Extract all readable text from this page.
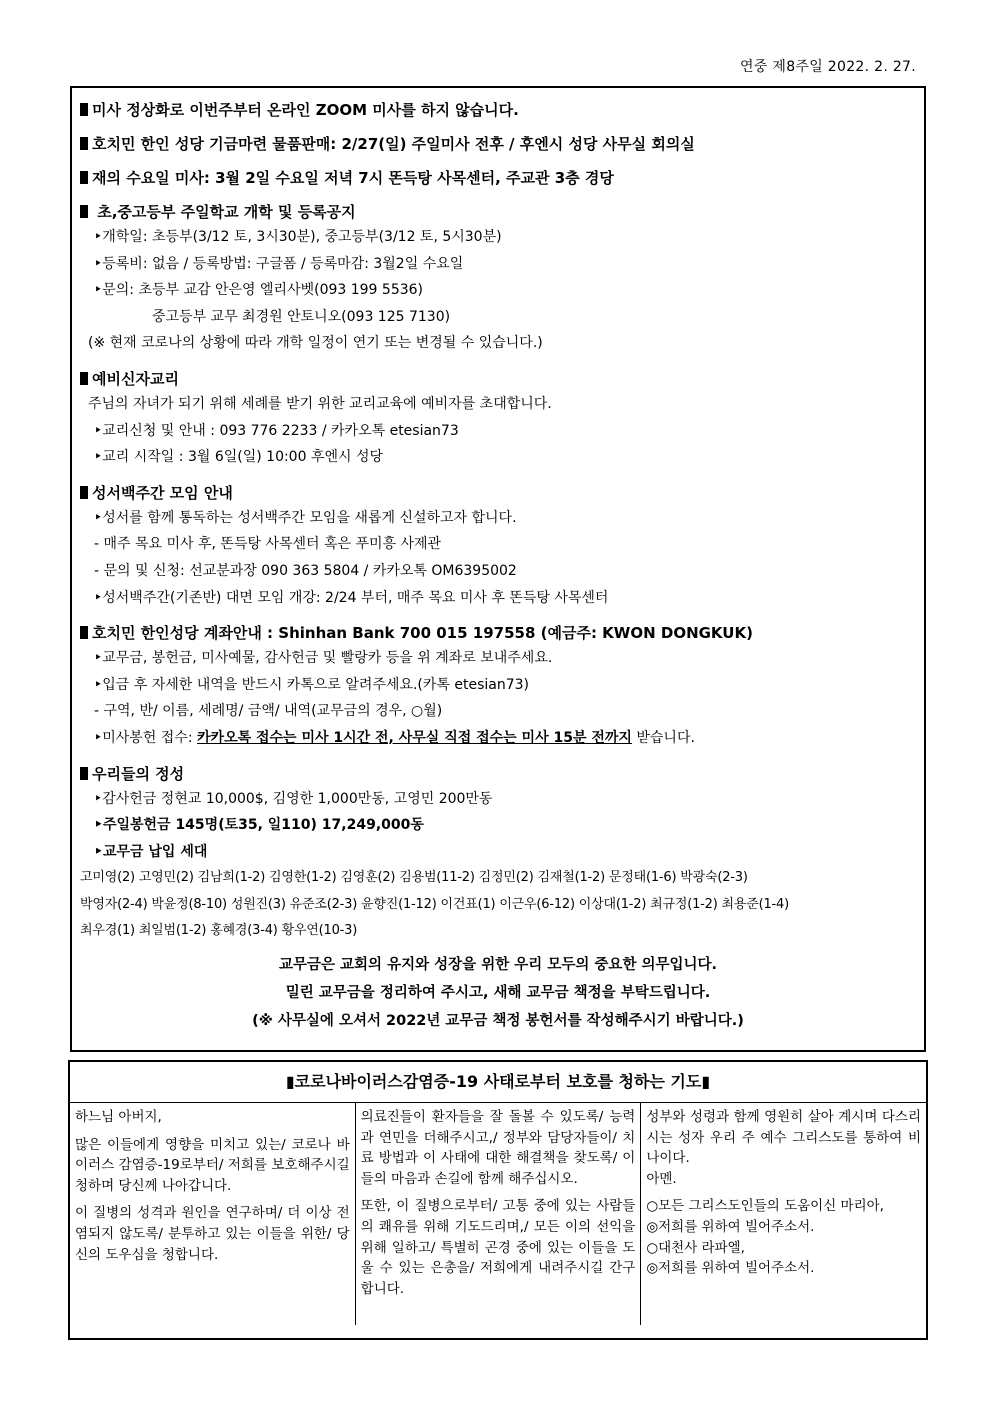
연중 제8주일 2022. 2. 27.
미사 정상화로 이번주부터 온라인 ZOOM 미사를 하지 않습니다.
호치민 한인 성당 기금마련 물품판매: 2/27(일) 주일미사 전후 / 후엔시 성당 사무실 회의실
재의 수요일 미사: 3월 2일 수요일 저녁 7시 똔득탕 사목센터, 주교관 3층 경당
초,중고등부 주일학교 개학 및 등록공지
‣개학일: 초등부(3/12 토, 3시30분), 중고등부(3/12 토, 5시30분)
‣등록비: 없음 / 등록방법: 구글폼 / 등록마감: 3월2일 수요일
‣문의: 초등부 교감 안은영 엘리사벳(093 199 5536)
중고등부 교무 최경원 안토니오(093 125 7130)
(※ 현재 코로나의 상황에 따라 개학 일정이 연기 또는 변경될 수 있습니다.)
예비신자교리
주님의 자녀가 되기 위해 세례를 받기 위한 교리교육에 예비자를 초대합니다.
‣교리신청 및 안내 : 093 776 2233 / 카카오톡 etesian73
‣교리 시작일 : 3월 6일(일) 10:00 후엔시 성당
성서백주간 모임 안내
‣성서를 함께 통독하는 성서백주간 모임을 새롭게 신설하고자 합니다.
- 매주 목요 미사 후, 똔득탕 사목센터 혹은 푸미흥 사제관
- 문의 및 신청: 선교분과장 090 363 5804 / 카카오톡 OM6395002
‣성서백주간(기존반) 대면 모임 개강: 2/24 부터, 매주 목요 미사 후 똔득탕 사목센터
호치민 한인성당 계좌안내 : Shinhan Bank 700 015 197558 (예금주: KWON DONGKUK)
‣교무금, 봉헌금, 미사예물, 감사헌금 및 빨랑카 등을 위 계좌로 보내주세요.
‣입금 후 자세한 내역을 반드시 카톡으로 알려주세요.(카톡 etesian73)
- 구역, 반/ 이름, 세례명/ 금액/ 내역(교무금의 경우, ○월)
‣미사봉헌 접수: 카카오톡 접수는 미사 1시간 전, 사무실 직접 접수는 미사 15분 전까지 받습니다.
우리들의 정성
‣감사헌금 정현교 10,000$, 김영한 1,000만동, 고영민 200만동
‣주일봉헌금 145명(토35, 일110) 17,249,000동
‣교무금 납입 세대
고미영(2) 고영민(2) 김남희(1-2) 김영한(1-2) 김영훈(2) 김용범(11-2) 김정민(2) 김재철(1-2) 문정태(1-6) 박광숙(2-3)
박영자(2-4) 박윤정(8-10) 성원진(3) 유준조(2-3) 윤향진(1-12) 이건표(1) 이근우(6-12) 이상대(1-2) 최규정(1-2) 최용준(1-4)
최우경(1) 최일범(1-2) 홍혜경(3-4) 황우연(10-3)
교무금은 교회의 유지와 성장을 위한 우리 모두의 중요한 의무입니다.
밀린 교무금을 정리하여 주시고, 새해 교무금 책정을 부탁드립니다.
(※ 사무실에 오셔서 2022년 교무금 책정 봉헌서를 작성해주시기 바랍니다.)
▮코로나바이러스감염증-19 사태로부터 보호를 청하는 기도▮

하느님 아버지,

많은 이들에게 영향을 미치고 있는/ 코로나 바이러스 감염증-19로부터/ 저희를 보호해주시길 청하며 당신께 나아갑니다.

이 질병의 성격과 원인을 연구하며/ 더 이상 전염되지 않도록/ 분투하고 있는 이들을 위한/ 당신의 도우심을 청합니다.

의료진들이 환자들을 잘 돌볼 수 있도록/ 능력과 연민을 더해주시고,/ 정부와 담당자들이/ 치료 방법과 이 사태에 대한 해결책을 찾도록/ 이들의 마음과 손길에 함께 해주십시오.

또한, 이 질병으로부터/ 고통 중에 있는 사람들의 쾌유를 위해 기도드리며,/ 모든 이의 선익을 위해 일하고/ 특별히 곤경 중에 있는 이들을 도울 수 있는 은총을/ 저희에게 내려주시길 간구합니다.

성부와 성령과 함께 영원히 살아 계시며 다스리시는 성자 우리 주 예수 그리스도를 통하여 비나이다.

아멘.

○모든 그리스도인들의 도움이신 마리아,

◎저희를 위하여 빌어주소서.

○대천사 라파엘,

◎저희를 위하여 빌어주소서.
